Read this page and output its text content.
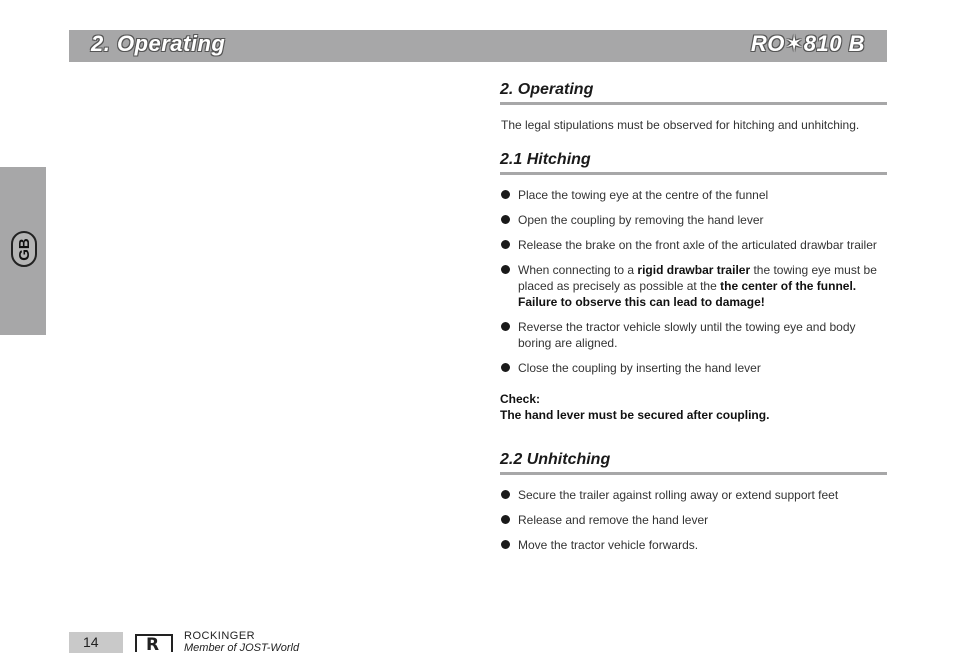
2. Operating	RO✶810 B
GB
2. Operating
The legal stipulations must be observed for hitching and unhitching.
2.1 Hitching
Place the towing eye at the centre of the funnel
Open the coupling by removing the hand lever
Release the brake on the front axle of the articulated drawbar trailer
When connecting to a rigid drawbar trailer the towing eye must be placed as precisely as possible at the the center of the funnel. Failure to observe this can lead to damage!
Reverse the tractor vehicle slowly until the towing eye and body boring are aligned.
Close the coupling by inserting the hand lever
Check:
The hand lever must be secured after coupling.
2.2 Unhitching
Secure the trailer against rolling away or extend support feet
Release and remove the hand lever
Move the tractor vehicle forwards.
14	R ROCKINGER
Member of JOST-World
